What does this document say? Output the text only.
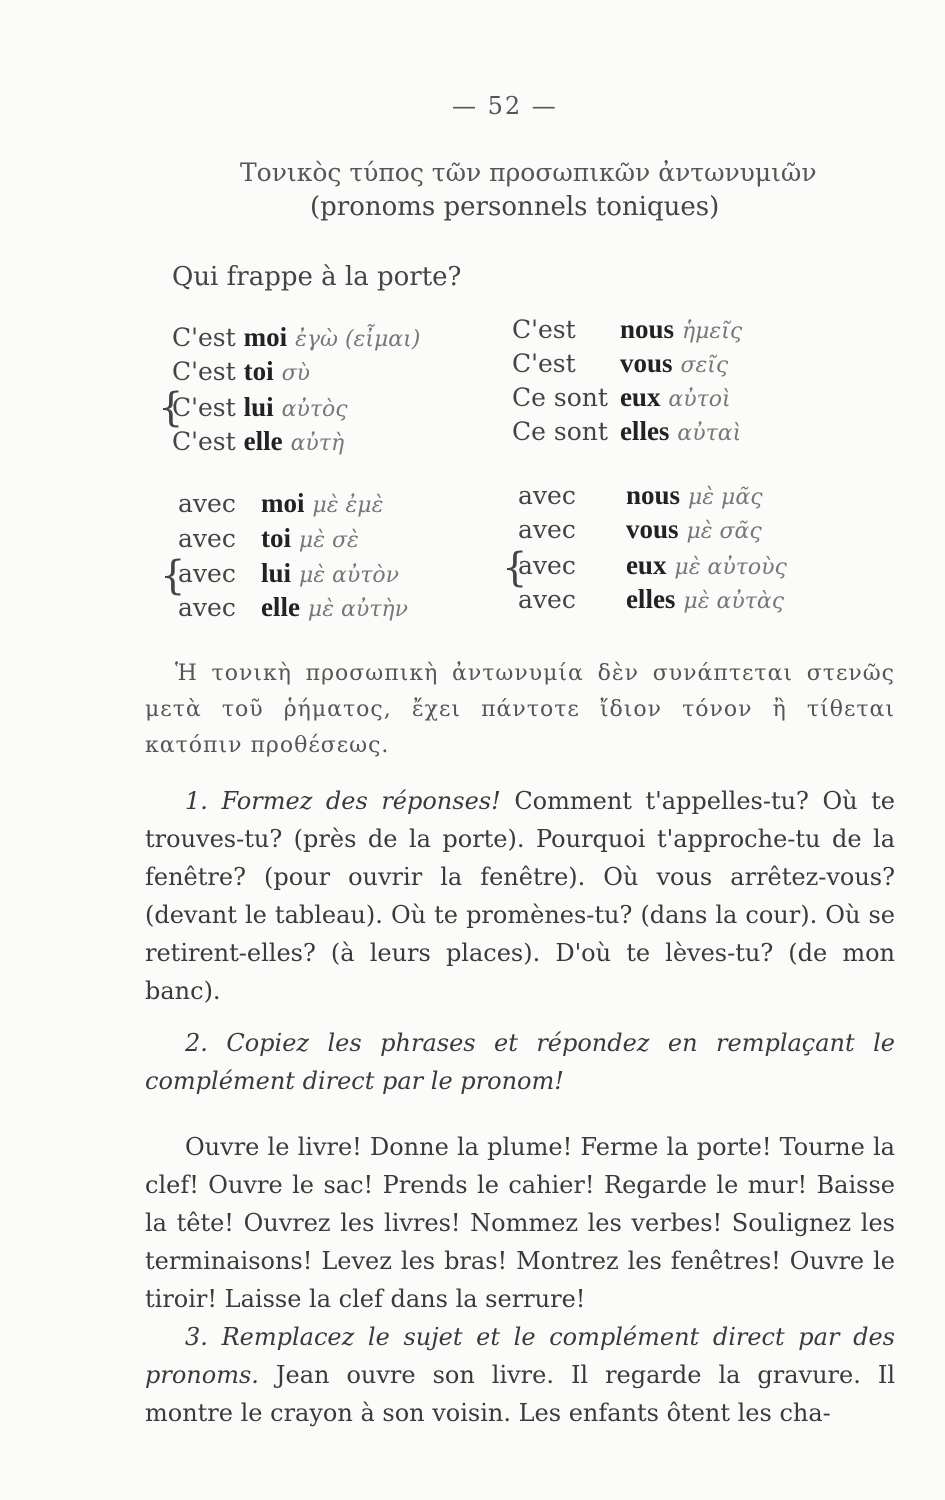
— 52 —
Τονικὸς τύπος τῶν προσωπικῶν ἀντωνυμιῶν
(pronoms personnels toniques)
Qui frappe à la porte?
C'est moi ἐγὼ (εἶμαι)
C'est toi σὺ
{
C'est lui αὐτὸς
C'est elle αὐτὴ
C'est nous ἡμεῖς
C'est vous σεῖς
Ce sont eux αὐτοὶ
Ce sont elles αὐταὶ
avec moi μὲ ἐμὲ
avec toi μὲ σὲ
{
avec lui μὲ αὐτὸν
avec elle μὲ αὐτὴν
avec nous μὲ μᾶς
avec vous μὲ σᾶς
{
avec eux μὲ αὐτοὺς
avec elles μὲ αὐτὰς

Ἡ τονικὴ προσωπικὴ ἀντωνυμία δὲν συνάπτεται στενῶς μετὰ τοῦ ῥήματος, ἔχει πάντοτε ἴδιον τόνον ἢ τίθεται κατόπιν προθέσεως.

1. Formez des réponses! Comment t'appelles-tu? Où te trouves-tu? (près de la porte). Pourquoi t'approche-tu de la fenêtre? (pour ouvrir la fenêtre). Où vous arrêtez-vous? (devant le tableau). Où te promènes-tu? (dans la cour). Où se retirent-elles? (à leurs places). D'où te lèves-tu? (de mon banc).

2. Copiez les phrases et répondez en remplaçant le complément direct par le pronom!

Ouvre le livre! Donne la plume! Ferme la porte! Tourne la clef! Ouvre le sac! Prends le cahier! Regarde le mur! Baisse la tête! Ouvrez les livres! Nommez les verbes! Soulignez les terminaisons! Levez les bras! Montrez les fenêtres! Ouvre le tiroir! Laisse la clef dans la serrure!

3. Remplacez le sujet et le complément direct par des pronoms. Jean ouvre son livre. Il regarde la gravure. Il montre le crayon à son voisin. Les enfants ôtent les cha-
